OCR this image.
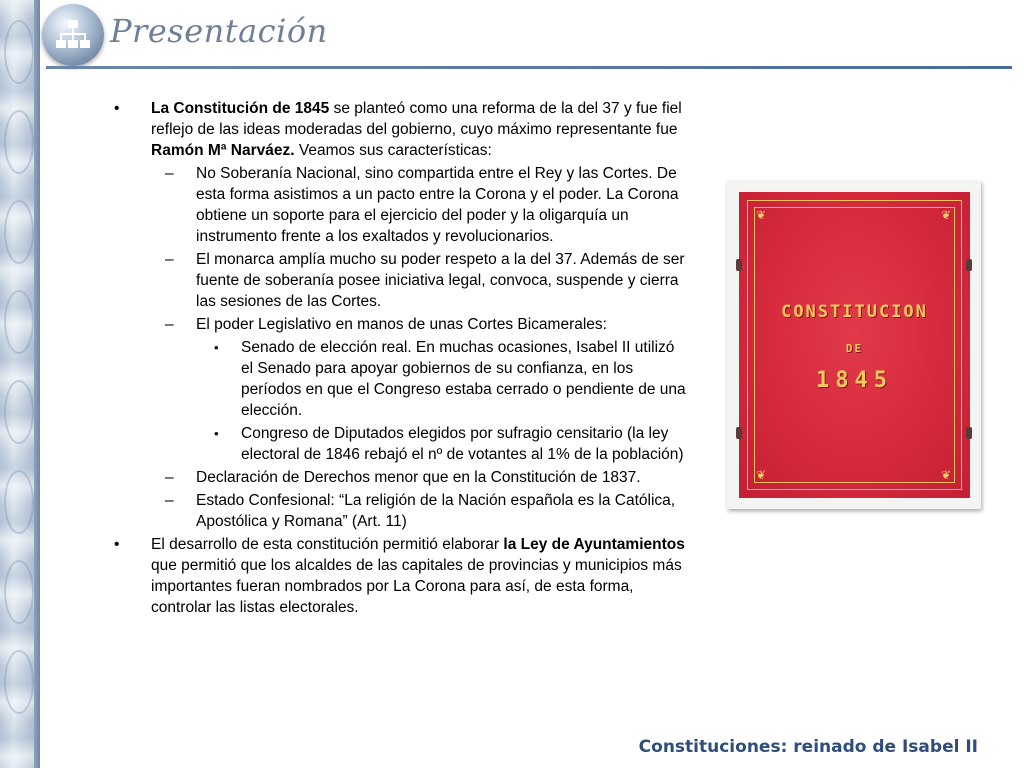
Presentación
• La Constitución de 1845 se planteó como una reforma de la del 37 y fue fiel reflejo de las ideas moderadas del gobierno, cuyo máximo representante fue Ramón Mª Narváez. Veamos sus características:
– No Soberanía Nacional, sino compartida entre el Rey y las Cortes. De esta forma asistimos a un pacto entre la Corona y el poder. La Corona obtiene un soporte para el ejercicio del poder y la oligarquía un instrumento frente a los exaltados y revolucionarios.
– El monarca amplía mucho su poder respeto a la del 37. Además de ser fuente de soberanía posee iniciativa legal, convoca, suspende y cierra las sesiones de las Cortes.
– El poder Legislativo en manos de unas Cortes Bicamerales:
• Senado de elección real. En muchas ocasiones, Isabel II utilizó el Senado para apoyar gobiernos de su confianza, en los períodos en que el Congreso estaba cerrado o pendiente de una elección.
• Congreso de Diputados elegidos por sufragio censitario (la ley electoral de 1846 rebajó el nº de votantes al 1% de la población)
– Declaración de Derechos menor que en la Constitución de 1837.
– Estado Confesional: “La religión de la Nación española es la Católica, Apostólica y Romana” (Art. 11)
• El desarrollo de esta constitución permitió elaborar la Ley de Ayuntamientos que permitió que los alcaldes de las capitales de provincias y municipios más importantes fueran nombrados por La Corona para así, de esta forma, controlar las listas electorales.
❦	❦
❦	❦
CONSTITUCION
DE
1845
Constituciones: reinado de Isabel II
